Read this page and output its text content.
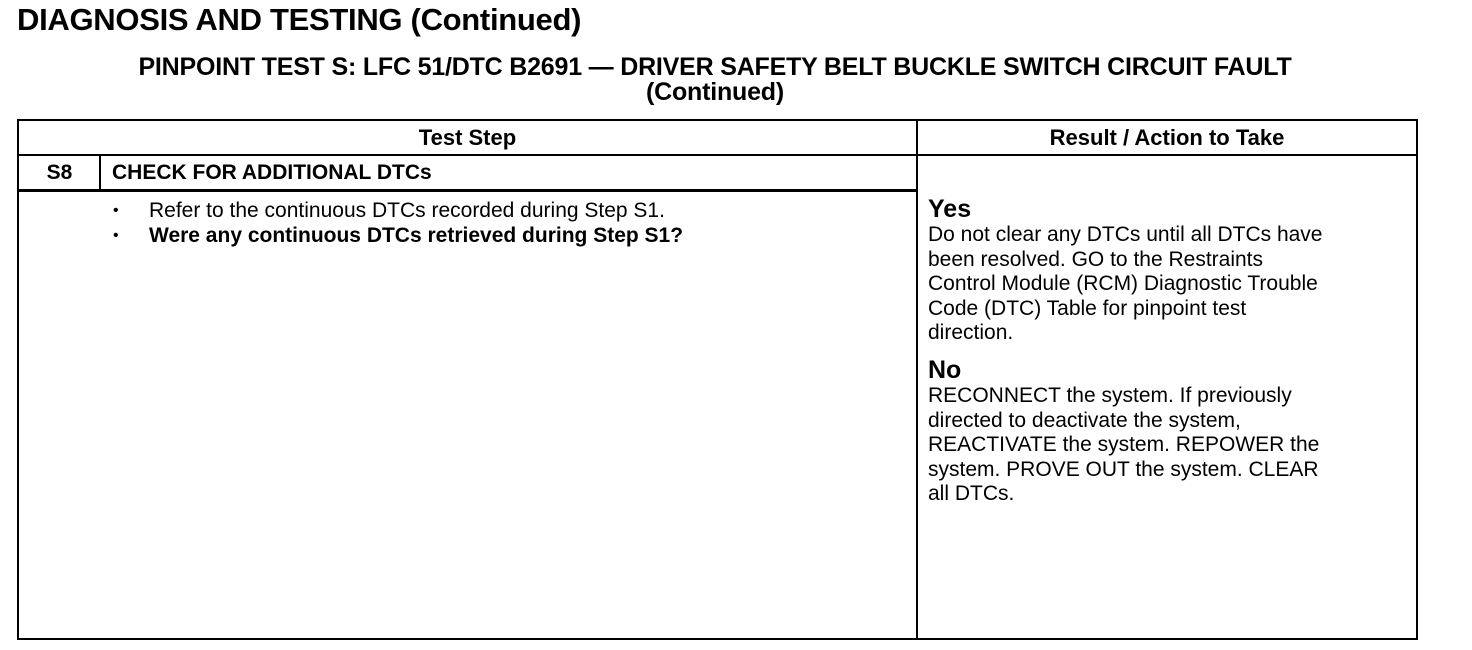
DIAGNOSIS AND TESTING (Continued)
PINPOINT TEST S: LFC 51/DTC B2691 — DRIVER SAFETY BELT BUCKLE SWITCH CIRCUIT FAULT
(Continued)
Test Step	Result / Action to Take
S8	CHECK FOR ADDITIONAL DTCs
• Refer to the continuous DTCs recorded during Step S1.
• Were any continuous DTCs retrieved during Step S1?
Yes
Do not clear any DTCs until all DTCs have
been resolved. GO to the Restraints
Control Module (RCM) Diagnostic Trouble
Code (DTC) Table for pinpoint test
direction.
No
RECONNECT the system. If previously
directed to deactivate the system,
REACTIVATE the system. REPOWER the
system. PROVE OUT the system. CLEAR
all DTCs.
